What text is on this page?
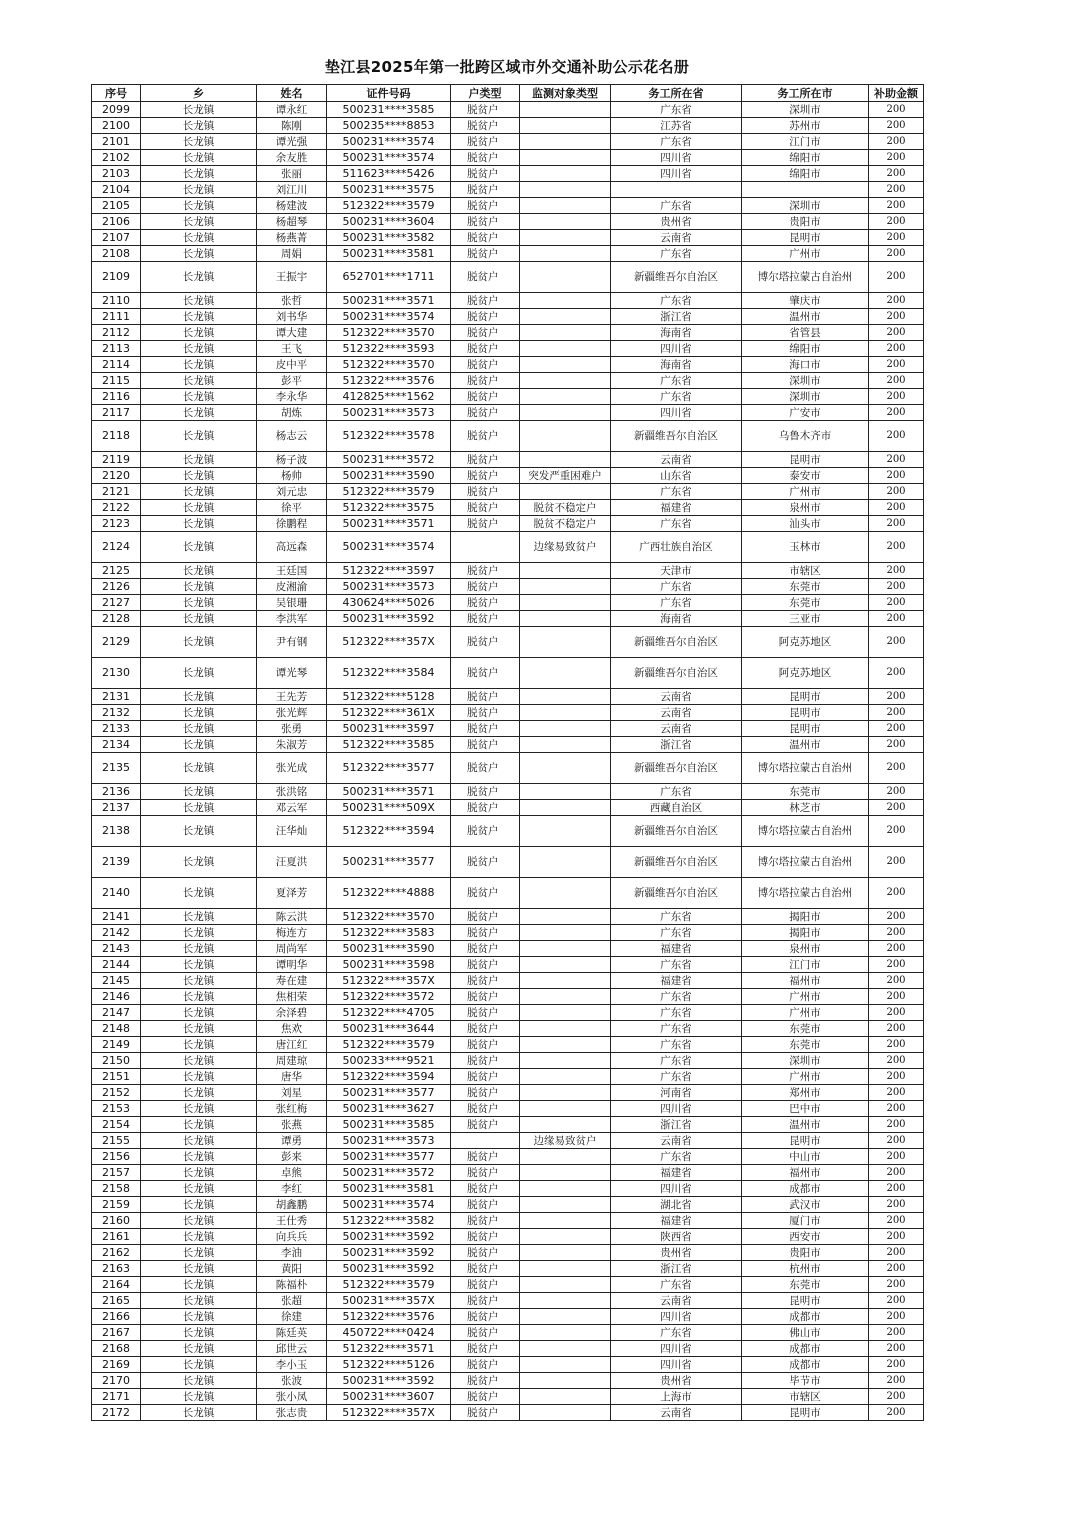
垫江县2025年第一批跨区域市外交通补助公示花名册
序号	乡	姓名	证件号码	户类型	监测对象类型	务工所在省	务工所在市	补助金额
2099	长龙镇	谭永红	500231****3585	脱贫户		广东省	深圳市	200
2100	长龙镇	陈刚	500235****8853	脱贫户		江苏省	苏州市	200
2101	长龙镇	谭光强	500231****3574	脱贫户		广东省	江门市	200
2102	长龙镇	余友胜	500231****3574	脱贫户		四川省	绵阳市	200
2103	长龙镇	张丽	511623****5426	脱贫户		四川省	绵阳市	200
2104	长龙镇	刘江川	500231****3575	脱贫户				200
2105	长龙镇	杨建波	512322****3579	脱贫户		广东省	深圳市	200
2106	长龙镇	杨超琴	500231****3604	脱贫户		贵州省	贵阳市	200
2107	长龙镇	杨燕菁	500231****3582	脱贫户		云南省	昆明市	200
2108	长龙镇	周娟	500231****3581	脱贫户		广东省	广州市	200
2109	长龙镇	王振宇	652701****1711	脱贫户		新疆维吾尔自治区	博尔塔拉蒙古自治州	200
2110	长龙镇	张哲	500231****3571	脱贫户		广东省	肇庆市	200
2111	长龙镇	刘书华	500231****3574	脱贫户		浙江省	温州市	200
2112	长龙镇	谭大建	512322****3570	脱贫户		海南省	省管县	200
2113	长龙镇	王飞	512322****3593	脱贫户		四川省	绵阳市	200
2114	长龙镇	皮中平	512322****3570	脱贫户		海南省	海口市	200
2115	长龙镇	彭平	512322****3576	脱贫户		广东省	深圳市	200
2116	长龙镇	李永华	412825****1562	脱贫户		广东省	深圳市	200
2117	长龙镇	胡炼	500231****3573	脱贫户		四川省	广安市	200
2118	长龙镇	杨志云	512322****3578	脱贫户		新疆维吾尔自治区	乌鲁木齐市	200
2119	长龙镇	杨子波	500231****3572	脱贫户		云南省	昆明市	200
2120	长龙镇	杨帅	500231****3590	脱贫户	突发严重困难户	山东省	泰安市	200
2121	长龙镇	刘元忠	512322****3579	脱贫户		广东省	广州市	200
2122	长龙镇	徐平	512322****3575	脱贫户	脱贫不稳定户	福建省	泉州市	200
2123	长龙镇	徐鹏程	500231****3571	脱贫户	脱贫不稳定户	广东省	汕头市	200
2124	长龙镇	高远森	500231****3574		边缘易致贫户	广西壮族自治区	玉林市	200
2125	长龙镇	王廷国	512322****3597	脱贫户		天津市	市辖区	200
2126	长龙镇	皮湘渝	500231****3573	脱贫户		广东省	东莞市	200
2127	长龙镇	吴银珊	430624****5026	脱贫户		广东省	东莞市	200
2128	长龙镇	李洪军	500231****3592	脱贫户		海南省	三亚市	200
2129	长龙镇	尹有钢	512322****357X	脱贫户		新疆维吾尔自治区	阿克苏地区	200
2130	长龙镇	谭光琴	512322****3584	脱贫户		新疆维吾尔自治区	阿克苏地区	200
2131	长龙镇	王先芳	512322****5128	脱贫户		云南省	昆明市	200
2132	长龙镇	张光辉	512322****361X	脱贫户		云南省	昆明市	200
2133	长龙镇	张勇	500231****3597	脱贫户		云南省	昆明市	200
2134	长龙镇	朱淑芳	512322****3585	脱贫户		浙江省	温州市	200
2135	长龙镇	张光成	512322****3577	脱贫户		新疆维吾尔自治区	博尔塔拉蒙古自治州	200
2136	长龙镇	张洪铭	500231****3571	脱贫户		广东省	东莞市	200
2137	长龙镇	邓云军	500231****509X	脱贫户		西藏自治区	林芝市	200
2138	长龙镇	汪华灿	512322****3594	脱贫户		新疆维吾尔自治区	博尔塔拉蒙古自治州	200
2139	长龙镇	汪夏洪	500231****3577	脱贫户		新疆维吾尔自治区	博尔塔拉蒙古自治州	200
2140	长龙镇	夏泽芳	512322****4888	脱贫户		新疆维吾尔自治区	博尔塔拉蒙古自治州	200
2141	长龙镇	陈云洪	512322****3570	脱贫户		广东省	揭阳市	200
2142	长龙镇	梅连方	512322****3583	脱贫户		广东省	揭阳市	200
2143	长龙镇	周尚军	500231****3590	脱贫户		福建省	泉州市	200
2144	长龙镇	谭明华	500231****3598	脱贫户		广东省	江门市	200
2145	长龙镇	寿在建	512322****357X	脱贫户		福建省	福州市	200
2146	长龙镇	焦相荣	512322****3572	脱贫户		广东省	广州市	200
2147	长龙镇	余泽碧	512322****4705	脱贫户		广东省	广州市	200
2148	长龙镇	焦欢	500231****3644	脱贫户		广东省	东莞市	200
2149	长龙镇	唐江红	512322****3579	脱贫户		广东省	东莞市	200
2150	长龙镇	周建琼	500233****9521	脱贫户		广东省	深圳市	200
2151	长龙镇	唐华	512322****3594	脱贫户		广东省	广州市	200
2152	长龙镇	刘星	500231****3577	脱贫户		河南省	郑州市	200
2153	长龙镇	张红梅	500231****3627	脱贫户		四川省	巴中市	200
2154	长龙镇	张燕	500231****3585	脱贫户		浙江省	温州市	200
2155	长龙镇	谭勇	500231****3573		边缘易致贫户	云南省	昆明市	200
2156	长龙镇	彭来	500231****3577	脱贫户		广东省	中山市	200
2157	长龙镇	卓熊	500231****3572	脱贫户		福建省	福州市	200
2158	长龙镇	李红	500231****3581	脱贫户		四川省	成都市	200
2159	长龙镇	胡鑫鹏	500231****3574	脱贫户		湖北省	武汉市	200
2160	长龙镇	王仕秀	512322****3582	脱贫户		福建省	厦门市	200
2161	长龙镇	向兵兵	500231****3592	脱贫户		陕西省	西安市	200
2162	长龙镇	李油	500231****3592	脱贫户		贵州省	贵阳市	200
2163	长龙镇	黄阳	500231****3592	脱贫户		浙江省	杭州市	200
2164	长龙镇	陈福朴	512322****3579	脱贫户		广东省	东莞市	200
2165	长龙镇	张超	500231****357X	脱贫户		云南省	昆明市	200
2166	长龙镇	徐建	512322****3576	脱贫户		四川省	成都市	200
2167	长龙镇	陈廷英	450722****0424	脱贫户		广东省	佛山市	200
2168	长龙镇	邱世云	512322****3571	脱贫户		四川省	成都市	200
2169	长龙镇	李小玉	512322****5126	脱贫户		四川省	成都市	200
2170	长龙镇	张波	500231****3592	脱贫户		贵州省	毕节市	200
2171	长龙镇	张小凤	500231****3607	脱贫户		上海市	市辖区	200
2172	长龙镇	张志贵	512322****357X	脱贫户		云南省	昆明市	200
